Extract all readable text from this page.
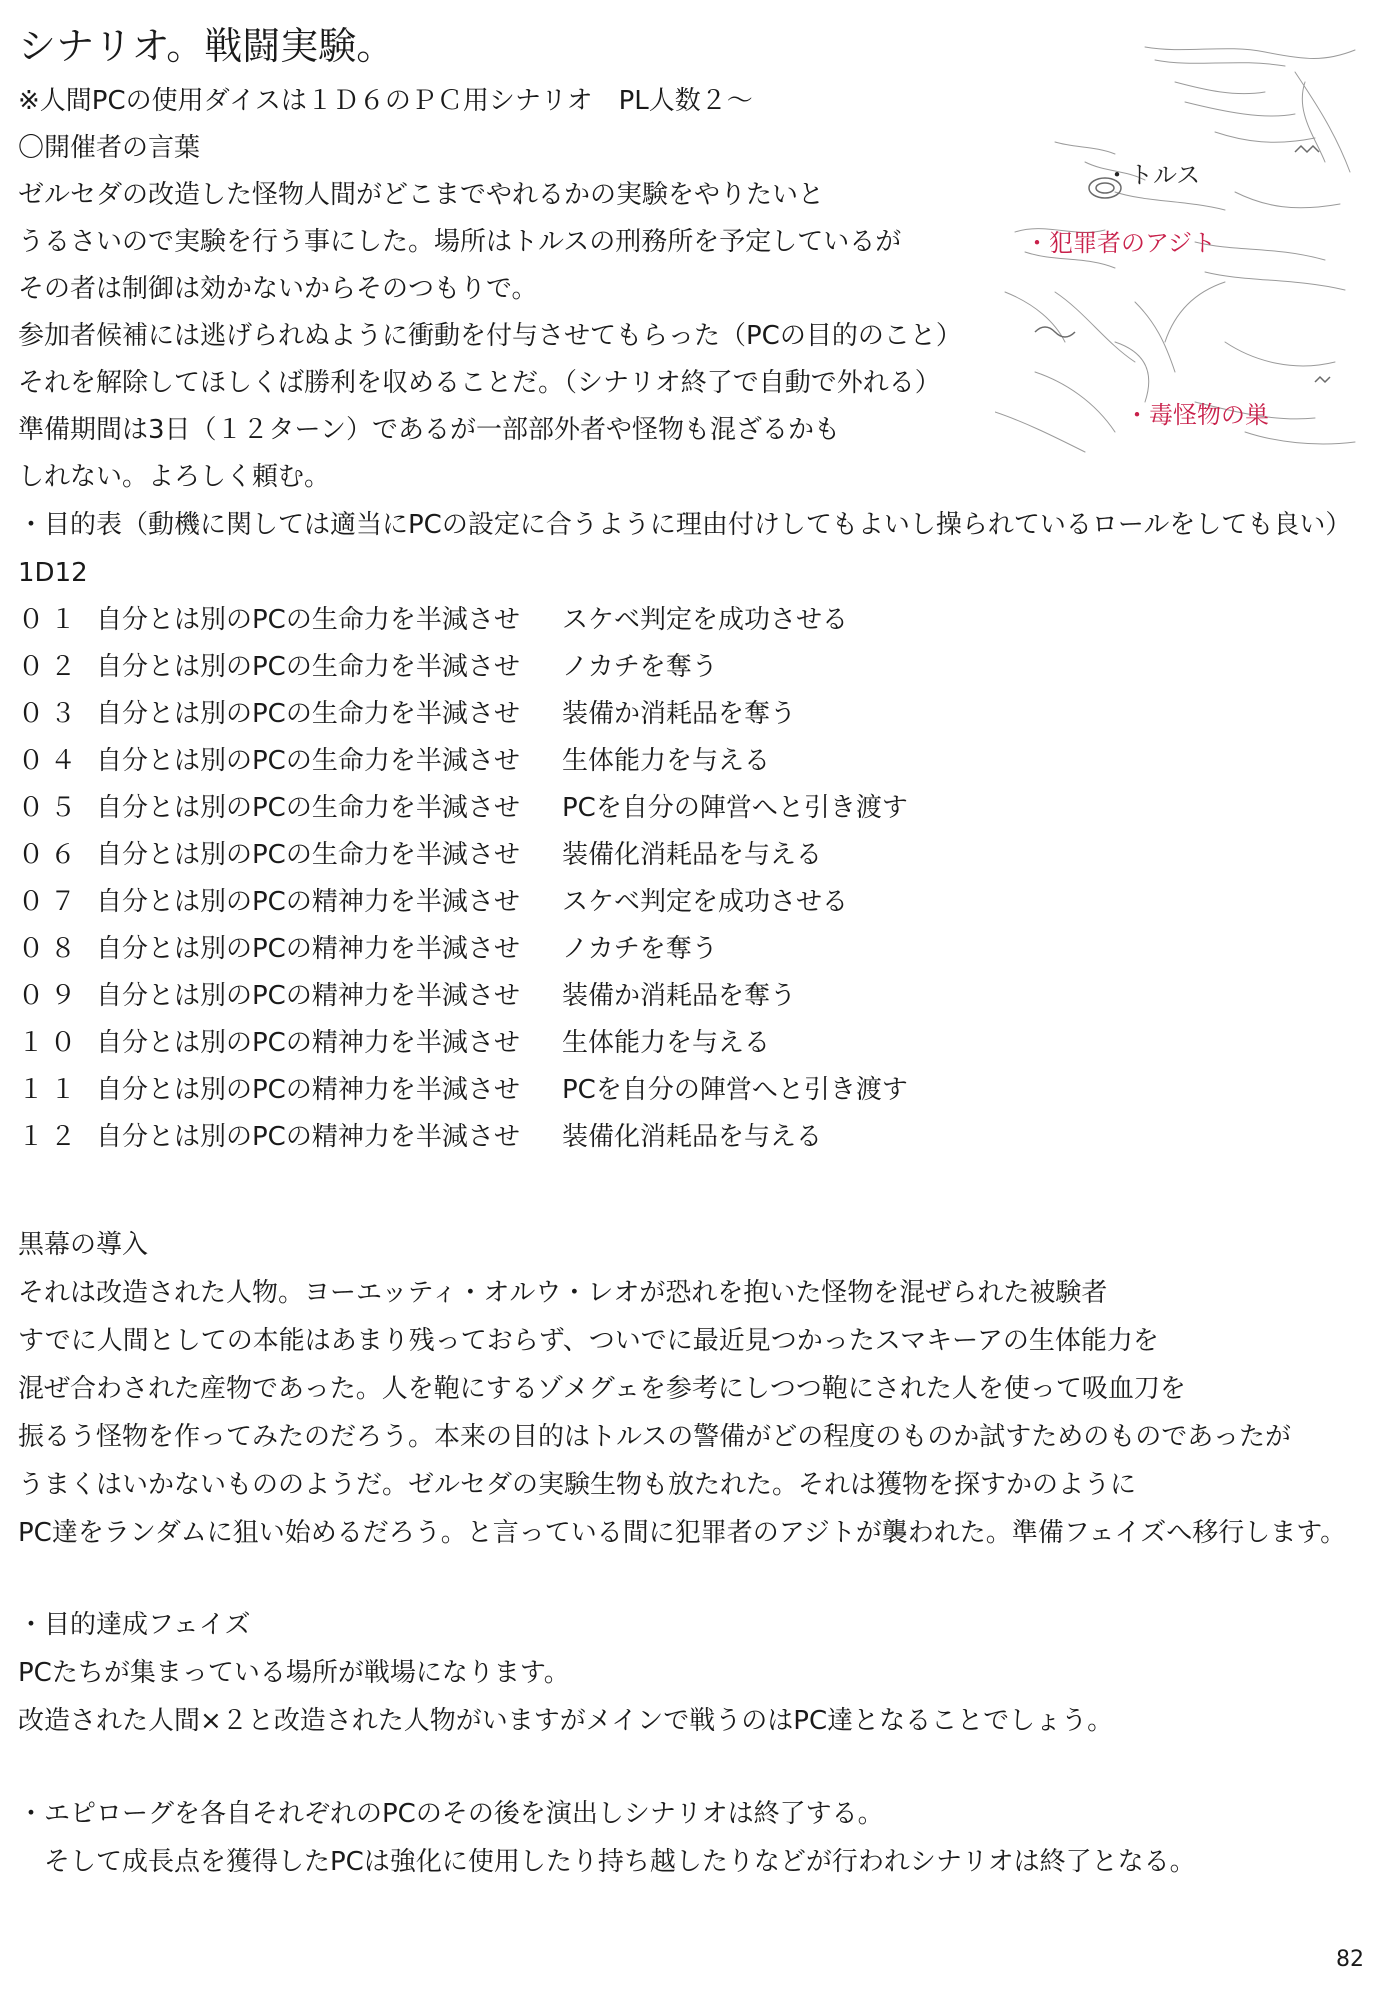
シナリオ。戦闘実験。
※人間PCの使用ダイスは１Ｄ６のＰＣ用シナリオ　PL人数２～
〇開催者の言葉
ゼルセダの改造した怪物人間がどこまでやれるかの実験をやりたいと
うるさいので実験を行う事にした。場所はトルスの刑務所を予定しているが
その者は制御は効かないからそのつもりで。
参加者候補には逃げられぬように衝動を付与させてもらった（PCの目的のこと）
それを解除してほしくば勝利を収めることだ。（シナリオ終了で自動で外れる）
準備期間は3日（１２ターン）であるが一部部外者や怪物も混ざるかも
しれない。よろしく頼む。
・目的表（動機に関しては適当にPCの設定に合うように理由付けしてもよいし操られているロールをしても良い）
1D12
０１ 自分とは別のPCの生命力を半減させ スケベ判定を成功させる
０２ 自分とは別のPCの生命力を半減させ ノカチを奪う
０３ 自分とは別のPCの生命力を半減させ 装備か消耗品を奪う
０４ 自分とは別のPCの生命力を半減させ 生体能力を与える
０５ 自分とは別のPCの生命力を半減させ PCを自分の陣営へと引き渡す
０６ 自分とは別のPCの生命力を半減させ 装備化消耗品を与える
０７ 自分とは別のPCの精神力を半減させ スケベ判定を成功させる
０８ 自分とは別のPCの精神力を半減させ ノカチを奪う
０９ 自分とは別のPCの精神力を半減させ 装備か消耗品を奪う
１０ 自分とは別のPCの精神力を半減させ 生体能力を与える
１１ 自分とは別のPCの精神力を半減させ PCを自分の陣営へと引き渡す
１２ 自分とは別のPCの精神力を半減させ 装備化消耗品を与える
黒幕の導入
それは改造された人物。ヨーエッティ・オルウ・レオが恐れを抱いた怪物を混ぜられた被験者
すでに人間としての本能はあまり残っておらず、ついでに最近見つかったスマキーアの生体能力を
混ぜ合わされた産物であった。人を鞄にするゾメグェを参考にしつつ鞄にされた人を使って吸血刀を
振るう怪物を作ってみたのだろう。本来の目的はトルスの警備がどの程度のものか試すためのものであったが
うまくはいかないもののようだ。ゼルセダの実験生物も放たれた。それは獲物を探すかのように
PC達をランダムに狙い始めるだろう。と言っている間に犯罪者のアジトが襲われた。準備フェイズへ移行します。
・目的達成フェイズ
PCたちが集まっている場所が戦場になります。
改造された人間×２と改造された人物がいますがメインで戦うのはPC達となることでしょう。
・エピローグを各自それぞれのPCのその後を演出しシナリオは終了する。
　そして成長点を獲得したPCは強化に使用したり持ち越したりなどが行われシナリオは終了となる。
・トルス
・犯罪者のアジト
・毒怪物の巣
82
